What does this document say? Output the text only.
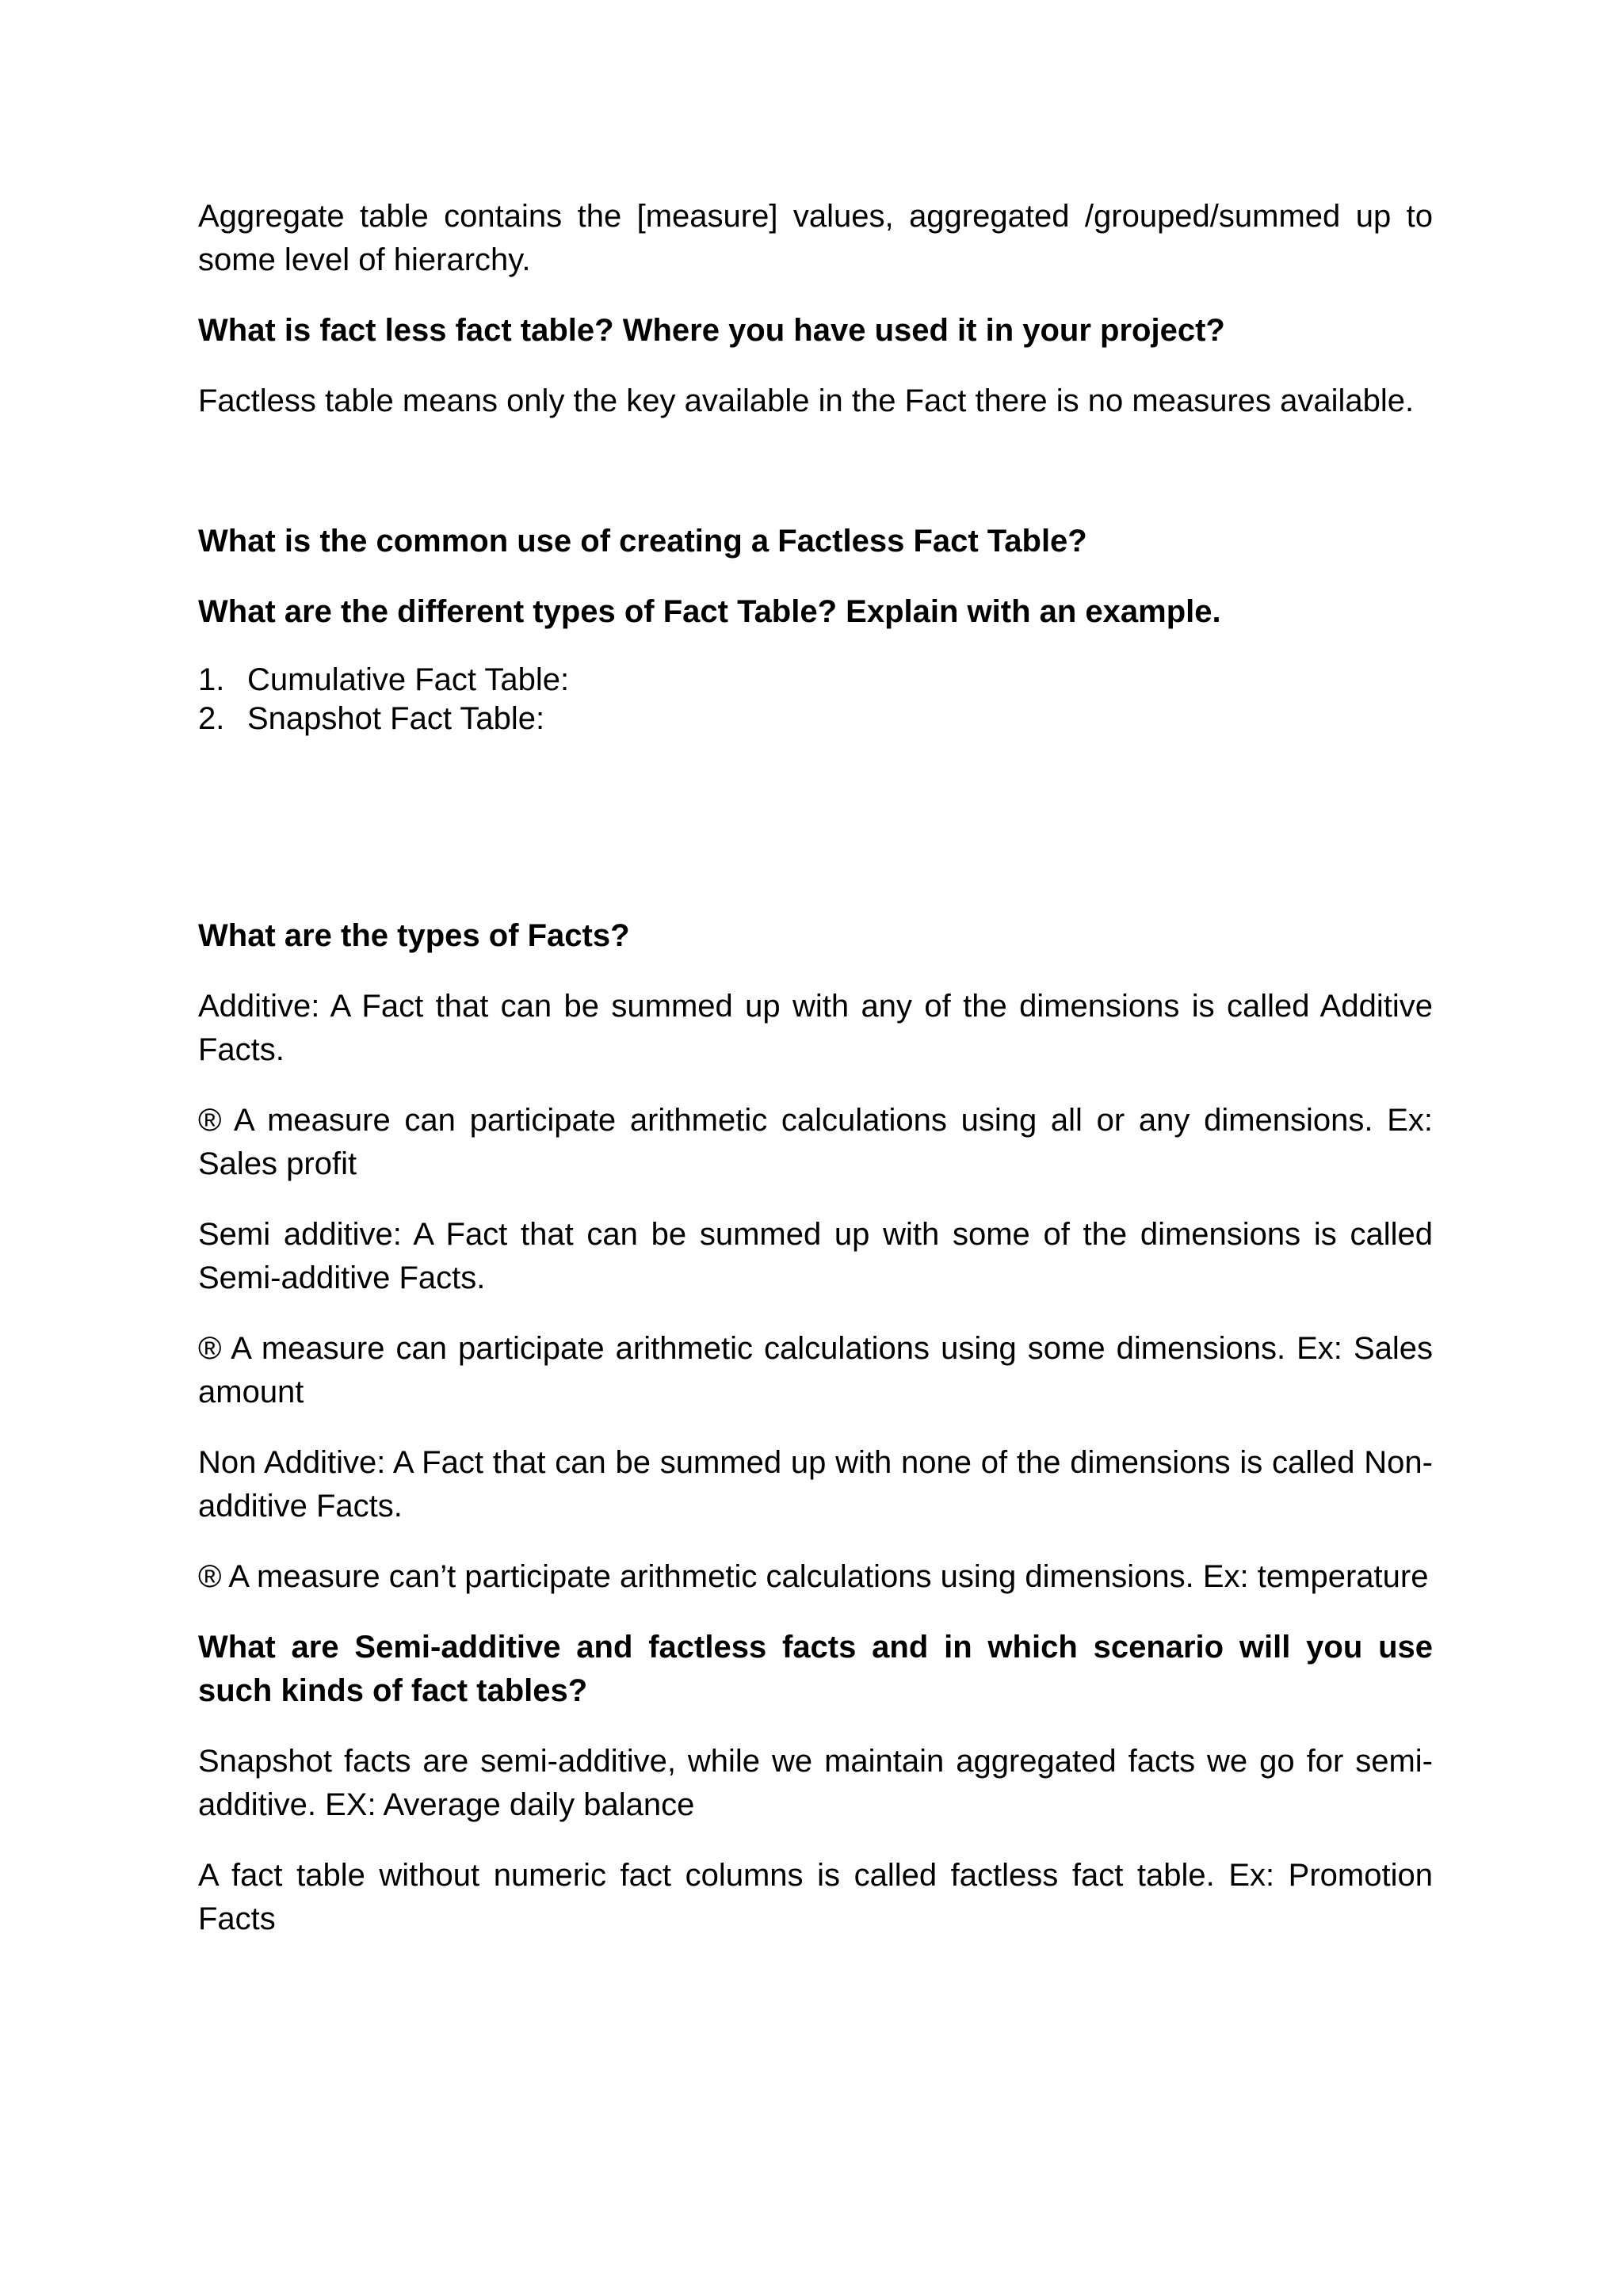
Aggregate table contains the [measure] values, aggregated /grouped/summed up to some level of hierarchy.

What is fact less fact table? Where you have used it in your project?

Factless table means only the key available in the Fact there is no measures available.

What is the common use of creating a Factless Fact Table?

What are the different types of Fact Table? Explain with an example.

1. Cumulative Fact Table:
2. Snapshot Fact Table:

What are the types of Facts?

Additive: A Fact that can be summed up with any of the dimensions is called Additive Facts.

® A measure can participate arithmetic calculations using all or any dimensions. Ex: Sales profit

Semi additive: A Fact that can be summed up with some of the dimensions is called Semi-additive Facts.

® A measure can participate arithmetic calculations using some dimensions. Ex: Sales amount

Non Additive: A Fact that can be summed up with none of the dimensions is called Non-additive Facts.

® A measure can’t participate arithmetic calculations using dimensions. Ex: temperature

What are Semi-additive and factless facts and in which scenario will you use such kinds of fact tables?

Snapshot facts are semi-additive, while we maintain aggregated facts we go for semi-additive. EX: Average daily balance

A fact table without numeric fact columns is called factless fact table. Ex: Promotion Facts
